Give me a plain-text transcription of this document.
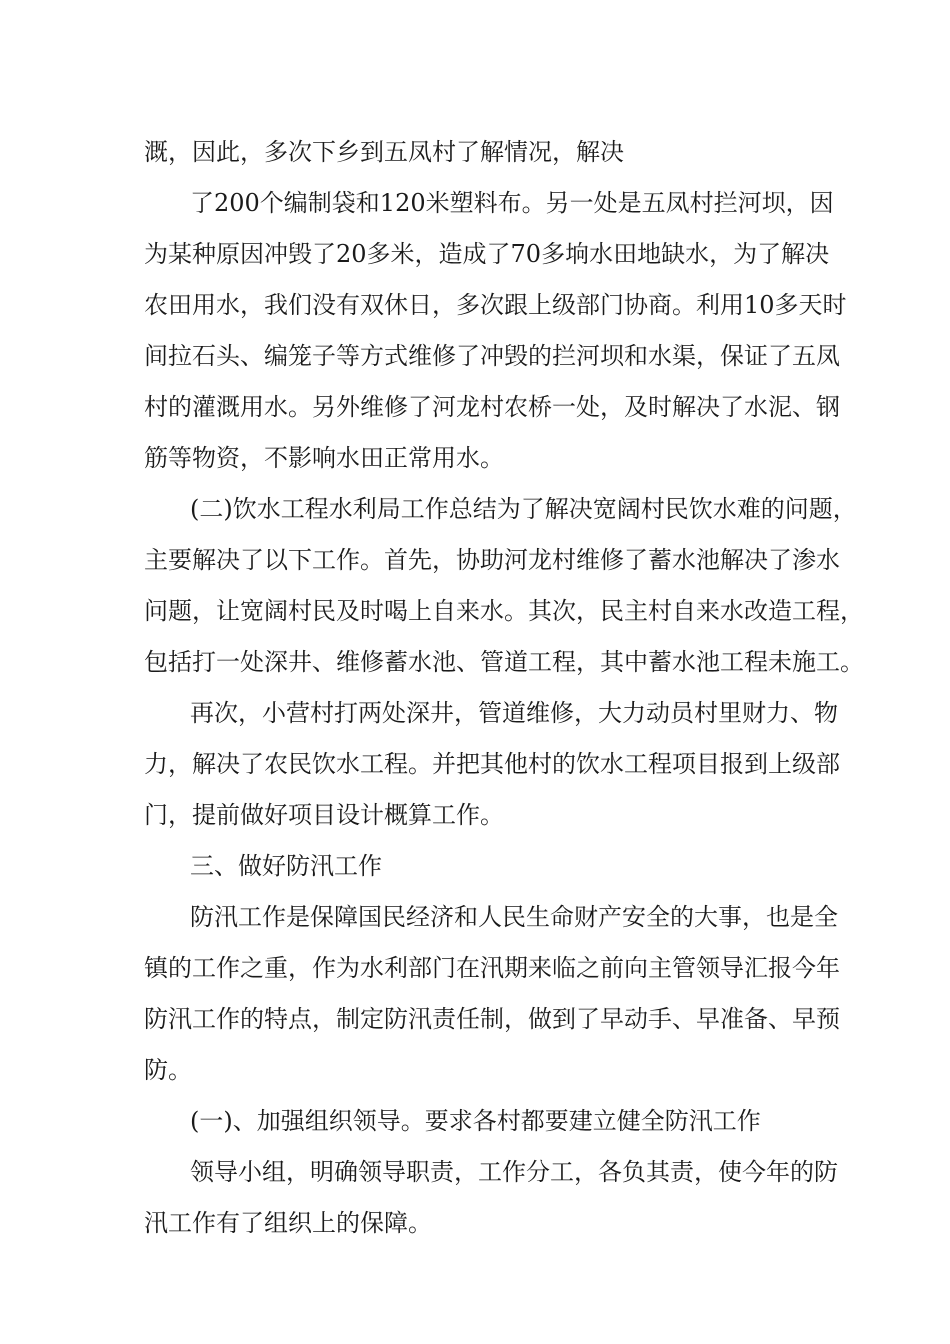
溉，因此，多次下乡到五凤村了解情况，解决
了200个编制袋和120米塑料布。另一处是五凤村拦河坝，因
为某种原因冲毁了20多米，造成了70多垧水田地缺水，为了解决
农田用水，我们没有双休日，多次跟上级部门协商。利用10多天时
间拉石头、编笼子等方式维修了冲毁的拦河坝和水渠，保证了五凤
村的灌溉用水。另外维修了河龙村农桥一处，及时解决了水泥、钢
筋等物资，不影响水田正常用水。
(二)饮水工程水利局工作总结为了解决宽阔村民饮水难的问题，
主要解决了以下工作。首先，协助河龙村维修了蓄水池解决了渗水
问题，让宽阔村民及时喝上自来水。其次，民主村自来水改造工程，
包括打一处深井、维修蓄水池、管道工程，其中蓄水池工程未施工。
再次，小营村打两处深井，管道维修，大力动员村里财力、物
力，解决了农民饮水工程。并把其他村的饮水工程项目报到上级部
门，提前做好项目设计概算工作。
三、做好防汛工作
防汛工作是保障国民经济和人民生命财产安全的大事，也是全
镇的工作之重，作为水利部门在汛期来临之前向主管领导汇报今年
防汛工作的特点，制定防汛责任制，做到了早动手、早准备、早预
防。
(一)、加强组织领导。要求各村都要建立健全防汛工作
领导小组，明确领导职责，工作分工，各负其责，使今年的防
汛工作有了组织上的保障。
